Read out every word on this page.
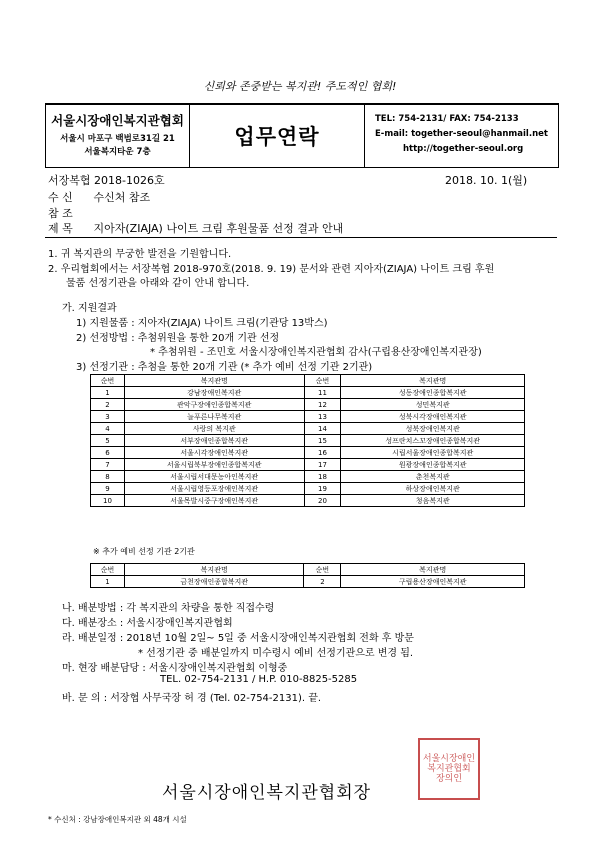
신뢰와 존중받는 복지관! 주도적인 협회!
서울시장애인복지관협회
서울시 마포구 백범로31길 21
서울복지타운 7층
업무연락
TEL: 754-2131/ FAX: 754-2133
E-mail: together-seoul@hanmail.net
http://together-seoul.org
서장복협 2018-1026호	2018. 10. 1(월)
수 신 수신처 참조
참 조
제 목 지아자(ZIAJA) 나이트 크림 후원물품 선정 결과 안내
1. 귀 복지관의 무궁한 발전을 기원합니다.
2. 우리협회에서는 서장복협 2018-970호(2018. 9. 19) 문서와 관련 지아자(ZIAJA) 나이트 크림 후원
물품 선정기관을 아래와 같이 안내 합니다.
가. 지원결과
1) 지원물품 : 지아자(ZIAJA) 나이트 크림(기관당 13박스)
2) 선정방법 : 추첨위원을 통한 20개 기관 선정
* 추첨위원 - 조민호 서울시장애인복지관협회 감사(구립용산장애인복지관장)
3) 선정기관 : 추첨을 통한 20개 기관 (* 추가 예비 선정 기관 2기관)
순번	복지관명	순번	복지관명
1	강남장애인복지관	11	성동장애인종합복지관
2	관악구장애인종합복지관	12	성민복지관
3	늘푸른나무복지관	13	성북시각장애인복지관
4	사랑의 복지관	14	성북장애인복지관
5	서부장애인종합복지관	15	성프란치스꼬장애인종합복지관
6	서울시각장애인복지관	16	시립서울장애인종합복지관
7	서울시립북부장애인종합복지관	17	원광장애인종합복지관
8	서울시립서대문농아인복지관	18	춘천복지관
9	서울시립영등포장애인복지관	19	하상장애인복지관
10	서울목발시중구장애인복지관	20	청음복지관
※ 추가 예비 선정 기관 2기관
순번	복지관명	순번	복지관명
1	금천장애인종합복지관	2	구립용산장애인복지관
나. 배분방법 : 각 복지관의 차량을 통한 직접수령
다. 배분장소 : 서울시장애인복지관협회
라. 배분일정 : 2018년 10월 2일~ 5일 중 서울시장애인복지관협회 전화 후 방문
* 선정기관 중 배분일까지 미수령시 예비 선정기관으로 변경 됨.
마. 현장 배분담당 : 서울시장애인복지관협회 이형중
TEL. 02-754-2131 / H.P. 010-8825-5285
바. 문 의 : 서장협 사무국장 허 경 (Tel. 02-754-2131). 끝.
서울시장애인
복지관협회
장의인
서울시장애인복지관협회장
* 수신처 : 강남장애인복지관 외 48개 시설
